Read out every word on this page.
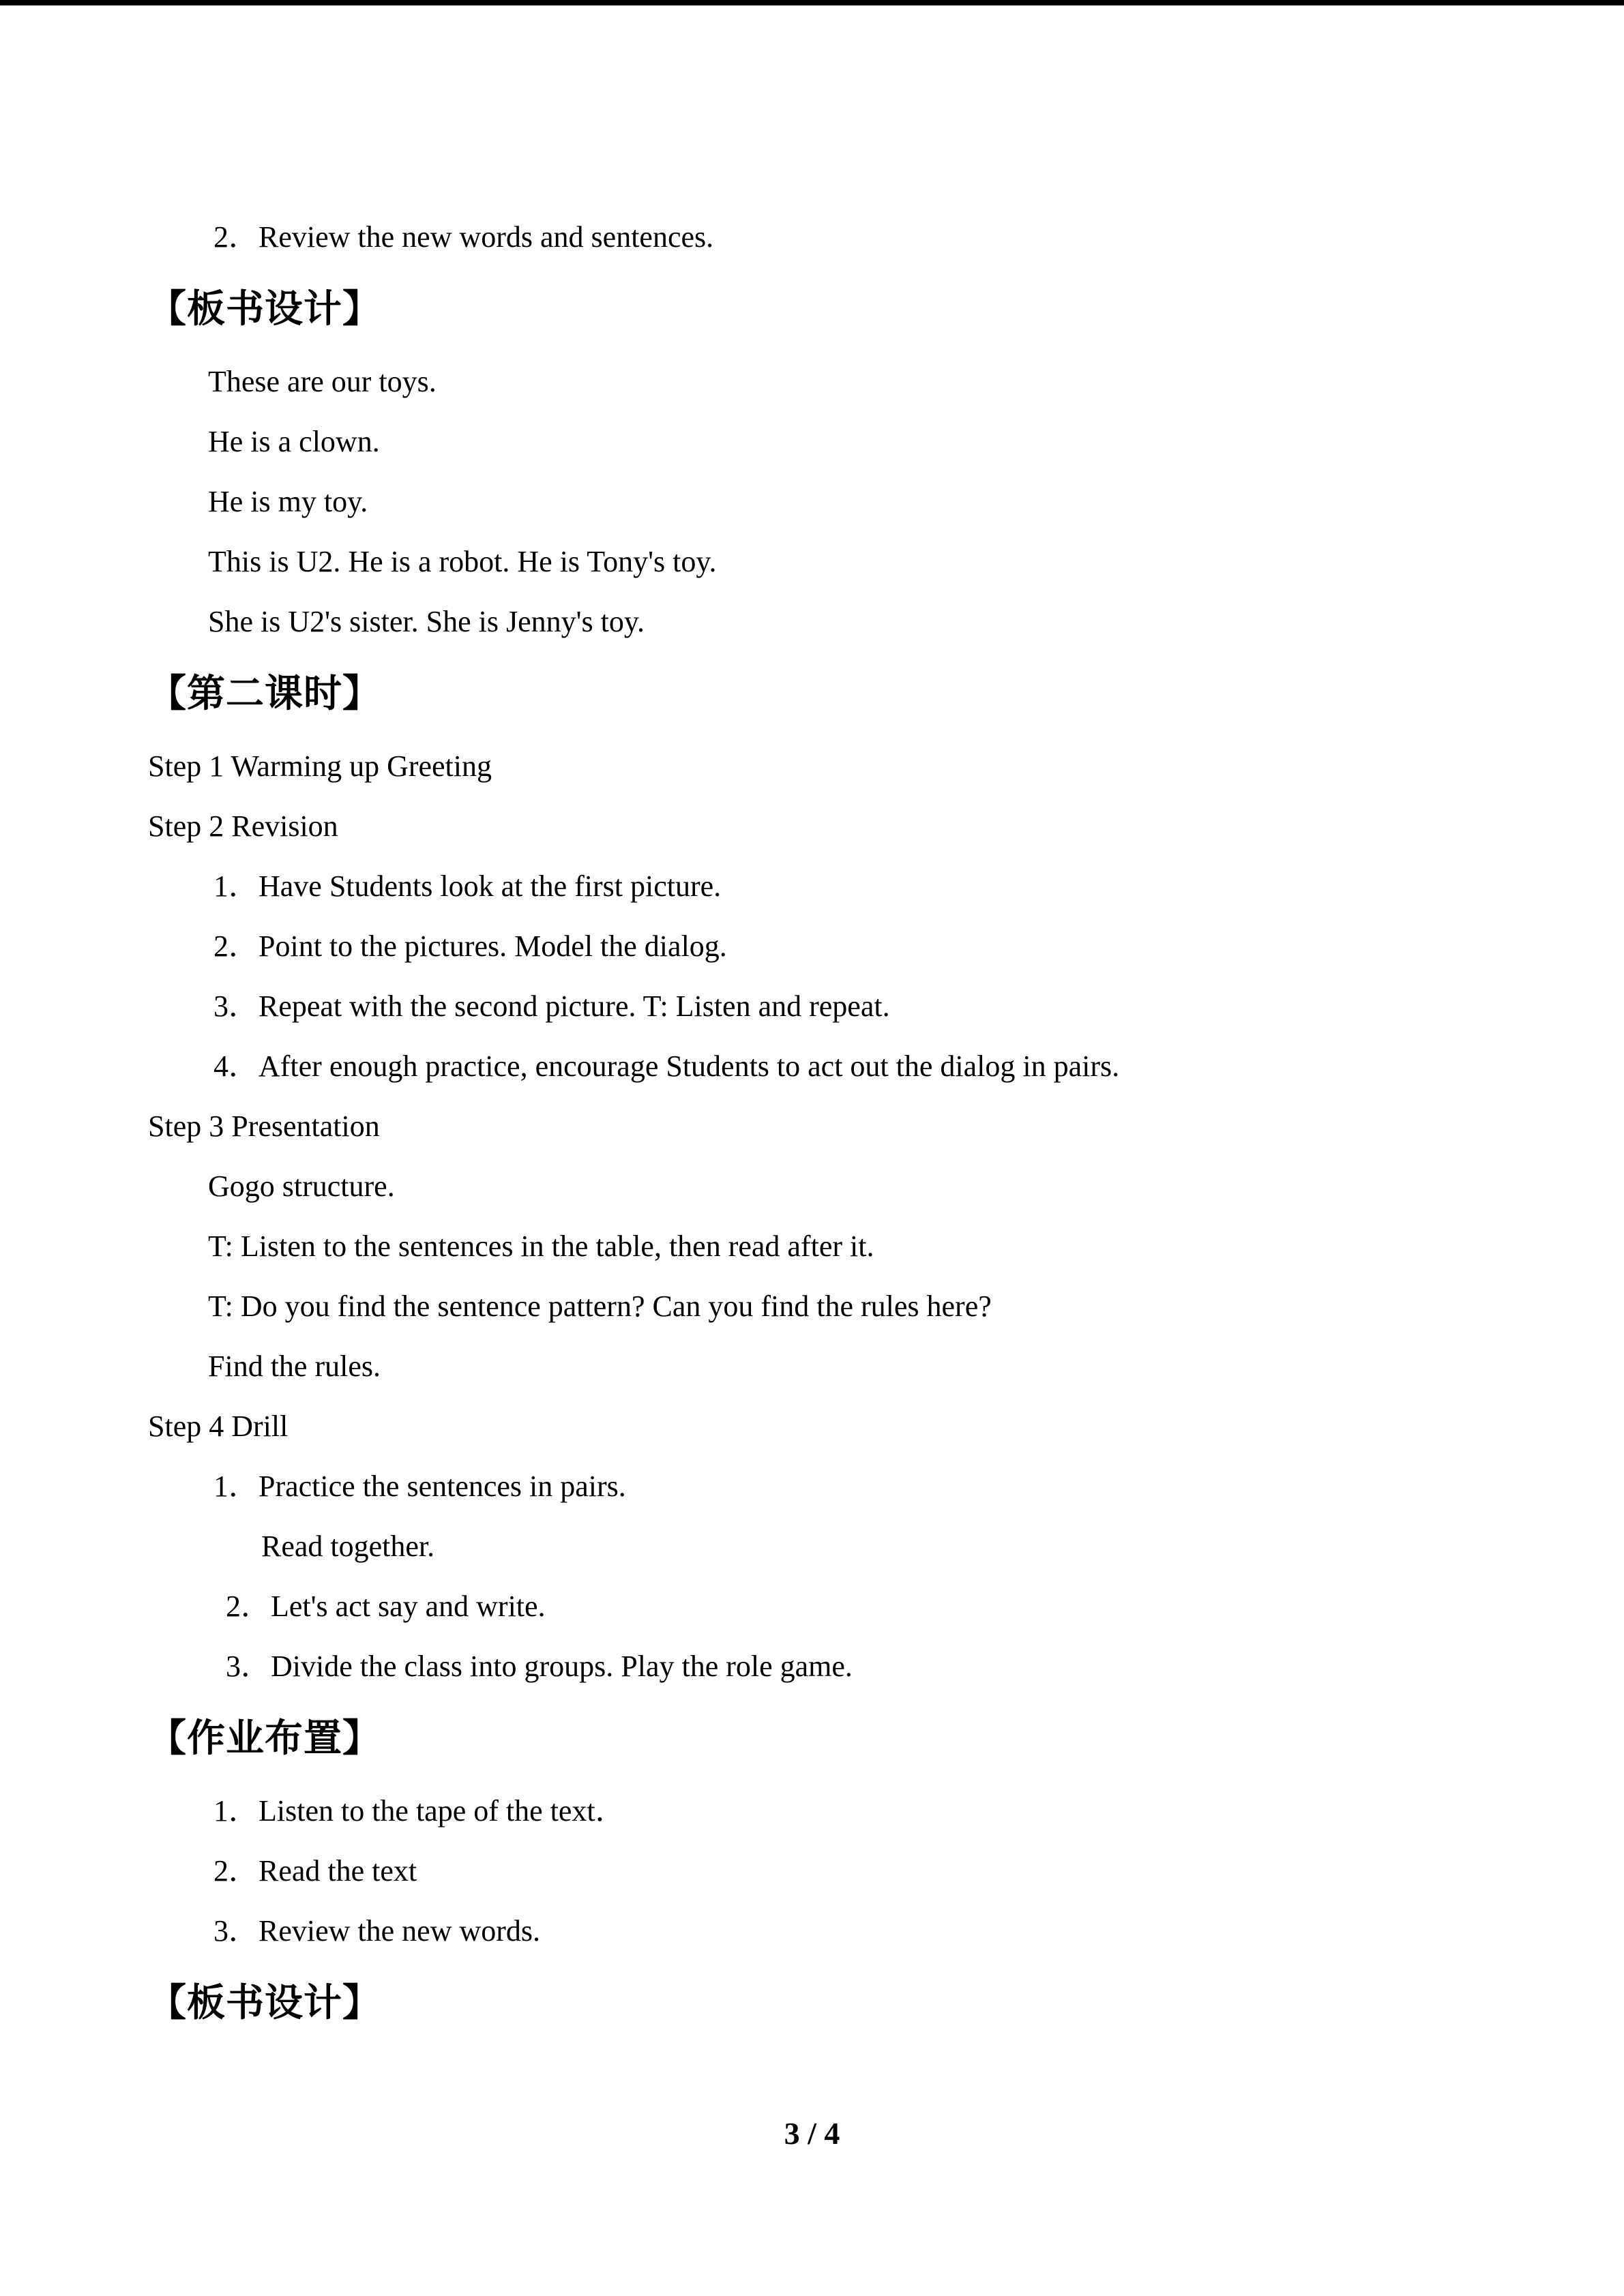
2．Review the new words and sentences.

【板书设计】

These are our toys.

He is a clown.

He is my toy.

This is U2. He is a robot. He is Tony's toy.

She is U2's sister. She is Jenny's toy.

【第二课时】

Step 1 Warming up Greeting

Step 2 Revision

1．Have Students look at the first picture.

2．Point to the pictures. Model the dialog.

3．Repeat with the second picture. T: Listen and repeat.

4．After enough practice, encourage Students to act out the dialog in pairs.

Step 3 Presentation

Gogo structure.

T: Listen to the sentences in the table, then read after it.

T: Do you find the sentence pattern? Can you find the rules here?

Find the rules.

Step 4 Drill

1．Practice the sentences in pairs.

Read together.

2．Let's act say and write.

3．Divide the class into groups. Play the role game.

【作业布置】

1．Listen to the tape of the text．

2．Read the text

3．Review the new words.

【板书设计】

3 / 4
